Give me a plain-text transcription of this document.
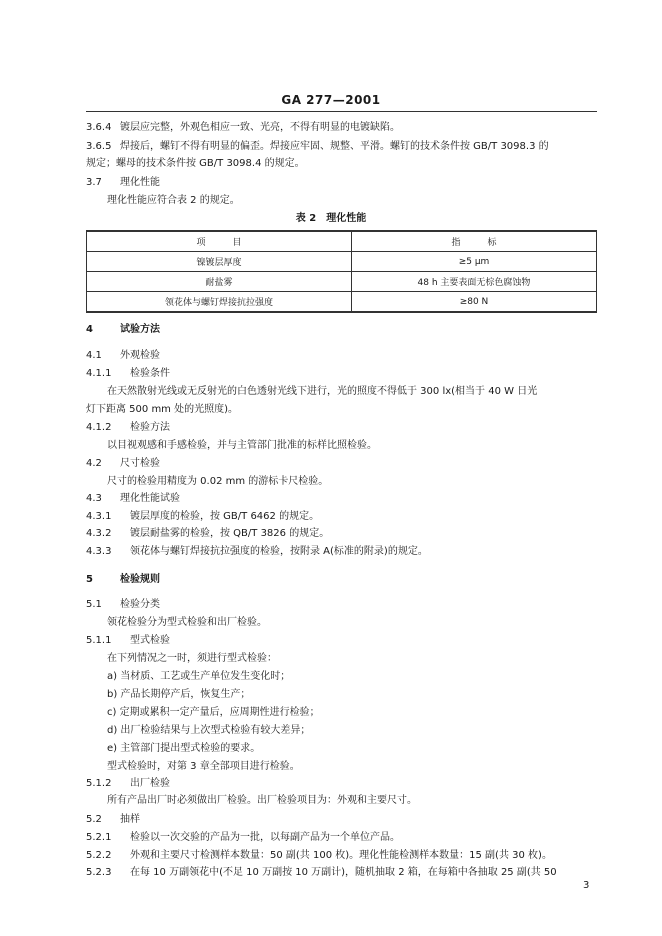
GA 277—2001
3.6.4 镀层应完整，外观色相应一致、光亮，不得有明显的电镀缺陷。
3.6.5 焊接后，螺钉不得有明显的偏歪。焊接应牢固、规整、平滑。螺钉的技术条件按 GB/T 3098.3 的
规定；螺母的技术条件按 GB/T 3098.4 的规定。
3.7 理化性能
理化性能应符合表 2 的规定。
表 2　理化性能
项　　　目	指　　　标
镍镀层厚度	≥5 μm
耐盐雾	48 h 主要表面无棕色腐蚀物
领花体与螺钉焊接抗拉强度	≥80 N
4	试验方法
4.1 外观检验
4.1.1 检验条件
在天然散射光线或无反射光的白色透射光线下进行，光的照度不得低于 300 lx(相当于 40 W 日光
灯下距离 500 mm 处的光照度)。
4.1.2 检验方法
以目视观感和手感检验，并与主管部门批准的标样比照检验。
4.2 尺寸检验
尺寸的检验用精度为 0.02 mm 的游标卡尺检验。
4.3 理化性能试验
4.3.1 镀层厚度的检验，按 GB/T 6462 的规定。
4.3.2 镀层耐盐雾的检验，按 QB/T 3826 的规定。
4.3.3 领花体与螺钉焊接抗拉强度的检验，按附录 A(标准的附录)的规定。
5	检验规则
5.1 检验分类
领花检验分为型式检验和出厂检验。
5.1.1 型式检验
在下列情况之一时，须进行型式检验：
a) 当材质、工艺或生产单位发生变化时；
b) 产品长期停产后，恢复生产；
c) 定期或累积一定产量后，应周期性进行检验；
d) 出厂检验结果与上次型式检验有较大差异；
e) 主管部门提出型式检验的要求。
型式检验时，对第 3 章全部项目进行检验。
5.1.2 出厂检验
所有产品出厂时必须做出厂检验。出厂检验项目为：外观和主要尺寸。
5.2 抽样
5.2.1 检验以一次交验的产品为一批，以每副产品为一个单位产品。
5.2.2 外观和主要尺寸检测样本数量：50 副(共 100 枚)。理化性能检测样本数量：15 副(共 30 枚)。
5.2.3 在每 10 万副领花中(不足 10 万副按 10 万副计)，随机抽取 2 箱，在每箱中各抽取 25 副(共 50
3
